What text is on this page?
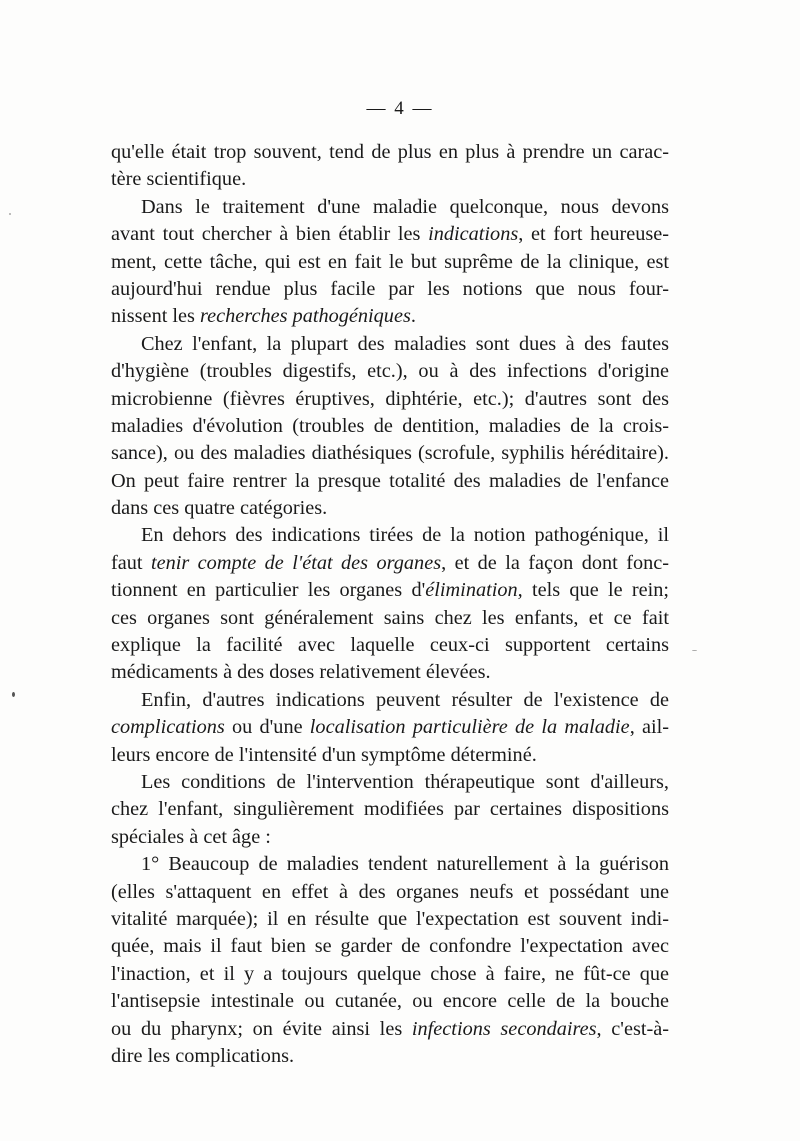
— 4 —
qu'elle était trop souvent, tend de plus en plus à prendre un carac-
tère scientifique.
Dans le traitement d'une maladie quelconque, nous devons
avant tout chercher à bien établir les indications, et fort heureuse-
ment, cette tâche, qui est en fait le but suprême de la clinique, est
aujourd'hui rendue plus facile par les notions que nous four-
nissent les recherches pathogéniques.
Chez l'enfant, la plupart des maladies sont dues à des fautes
d'hygiène (troubles digestifs, etc.), ou à des infections d'origine
microbienne (fièvres éruptives, diphtérie, etc.); d'autres sont des
maladies d'évolution (troubles de dentition, maladies de la crois-
sance), ou des maladies diathésiques (scrofule, syphilis héréditaire).
On peut faire rentrer la presque totalité des maladies de l'enfance
dans ces quatre catégories.
En dehors des indications tirées de la notion pathogénique, il
faut tenir compte de l'état des organes, et de la façon dont fonc-
tionnent en particulier les organes d'élimination, tels que le rein;
ces organes sont généralement sains chez les enfants, et ce fait
explique la facilité avec laquelle ceux-ci supportent certains
médicaments à des doses relativement élevées.
Enfin, d'autres indications peuvent résulter de l'existence de
complications ou d'une localisation particulière de la maladie, ail-
leurs encore de l'intensité d'un symptôme déterminé.
Les conditions de l'intervention thérapeutique sont d'ailleurs,
chez l'enfant, singulièrement modifiées par certaines dispositions
spéciales à cet âge :
1° Beaucoup de maladies tendent naturellement à la guérison
(elles s'attaquent en effet à des organes neufs et possédant une
vitalité marquée); il en résulte que l'expectation est souvent indi-
quée, mais il faut bien se garder de confondre l'expectation avec
l'inaction, et il y a toujours quelque chose à faire, ne fût-ce que
l'antisepsie intestinale ou cutanée, ou encore celle de la bouche
ou du pharynx; on évite ainsi les infections secondaires, c'est-à-
dire les complications.
